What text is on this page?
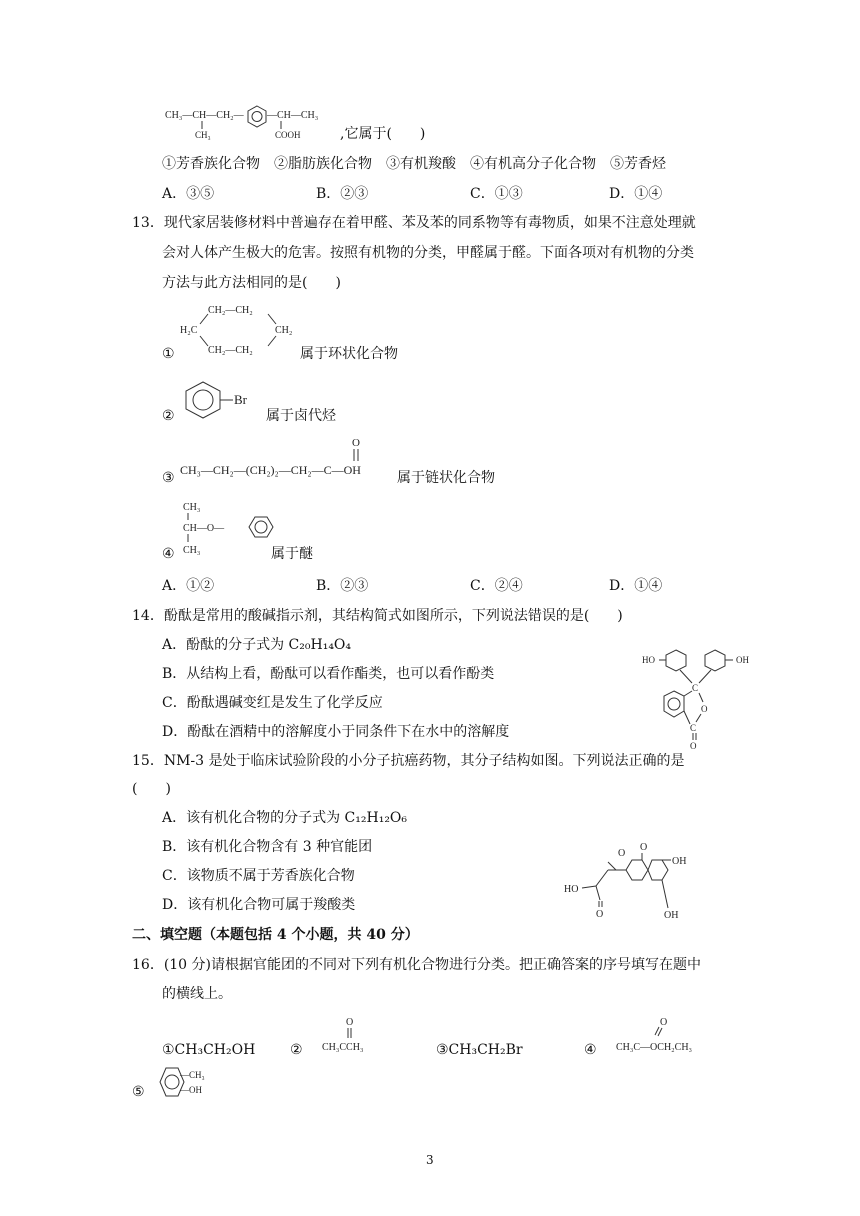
CH₃—CH—CH₂—
CH₃
—CH—CH₃
COOH	,它属于(　　)
①芳香族化合物　②脂肪族化合物　③有机羧酸　④有机高分子化合物　⑤芳香烃
A．③⑤	B．②③	C．①③	D．①④
13．现代家居装修材料中普遍存在着甲醛、苯及苯的同系物等有毒物质，如果不注意处理就
会对人体产生极大的危害。按照有机物的分类，甲醛属于醛。下面各项对有机物的分类
方法与此方法相同的是(　　)
①
CH₂—CH₂
H₂C	CH₂
CH₂—CH₂	属于环状化合物
②
Br
属于卤代烃
③
O
CH₃—CH₂—(CH₂)₂—CH₂—C—OH	属于链状化合物
④
CH₃
CH—O—
CH₃	属于醚
A．①②	B．②③	C．②④	D．①④
14．酚酞是常用的酸碱指示剂，其结构简式如图所示，下列说法错误的是(　　)
A．酚酞的分子式为 C₂₀H₁₄O₄
B．从结构上看，酚酞可以看作酯类，也可以看作酚类
C．酚酞遇碱变红是发生了化学反应
D．酚酞在酒精中的溶解度小于同条件下在水中的溶解度
HO	OH
C
O
C
O
15．NM-3 是处于临床试验阶段的小分子抗癌药物，其分子结构如图。下列说法正确的是
(　　)
A．该有机化合物的分子式为 C₁₂H₁₂O₆
B．该有机化合物含有 3 种官能团
C．该物质不属于芳香族化合物
D．该有机化合物可属于羧酸类
O
O
OH
OH
HO
O
二、填空题（本题包括 4 个小题，共 40 分）
16．(10 分)请根据官能团的不同对下列有机化合物进行分类。把正确答案的序号填写在题中
的横线上。
①CH₃CH₂OH ②
O
CH₃CCH₃	③CH₃CH₂Br	④
O
CH₃C—OCH₂CH₃
⑤
—CH₃
—OH
3
